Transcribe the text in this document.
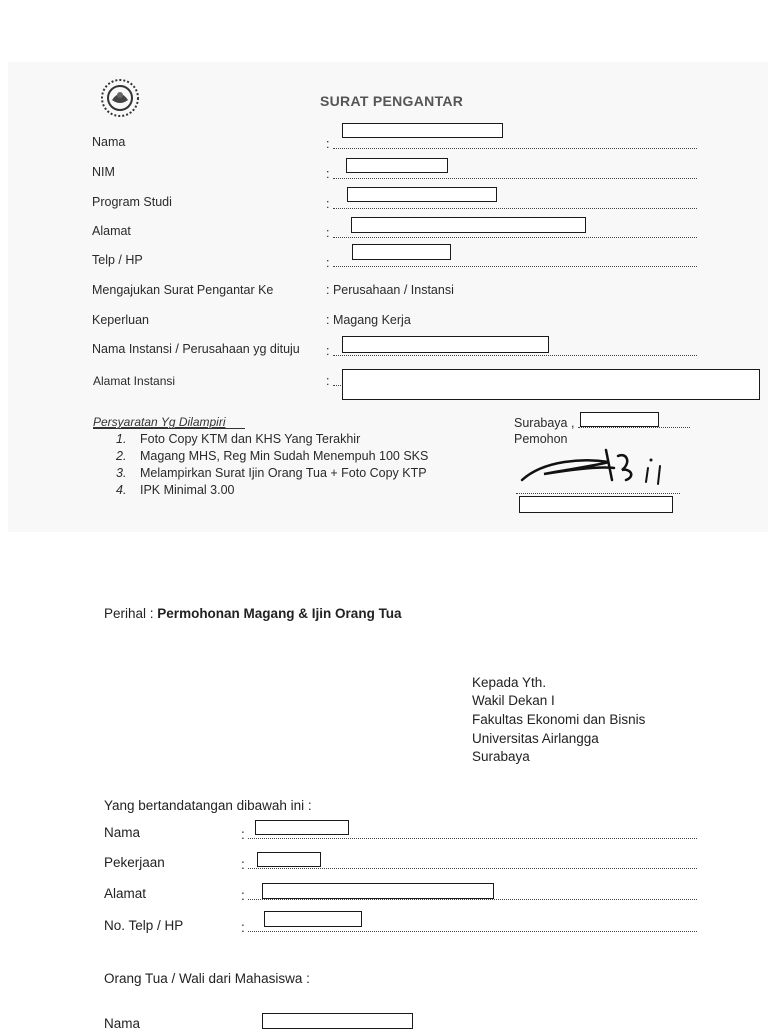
SURAT PENGANTAR
Nama	:
NIM	:
Program Studi	:
Alamat	:
Telp / HP	:
Mengajukan Surat Pengantar Ke	: Perusahaan / Instansi
Keperluan	: Magang Kerja
Nama Instansi / Perusahaan yg dituju :
Alamat Instansi	:
Persyaratan Yg Dilampiri
1. Foto Copy KTM dan KHS Yang Terakhir
2. Magang MHS, Reg Min Sudah Menempuh 100 SKS
3. Melampirkan Surat Ijin Orang Tua + Foto Copy KTP
4. IPK Minimal 3.00
Surabaya ,
Pemohon
Perihal : Permohonan Magang & Ijin Orang Tua
Kepada Yth.
Wakil Dekan I
Fakultas Ekonomi dan Bisnis
Universitas Airlangga
Surabaya
Yang bertandatangan dibawah ini :
Nama	:
Pekerjaan	:
Alamat	:
No. Telp / HP	:
Orang Tua / Wali dari Mahasiswa :
Nama
